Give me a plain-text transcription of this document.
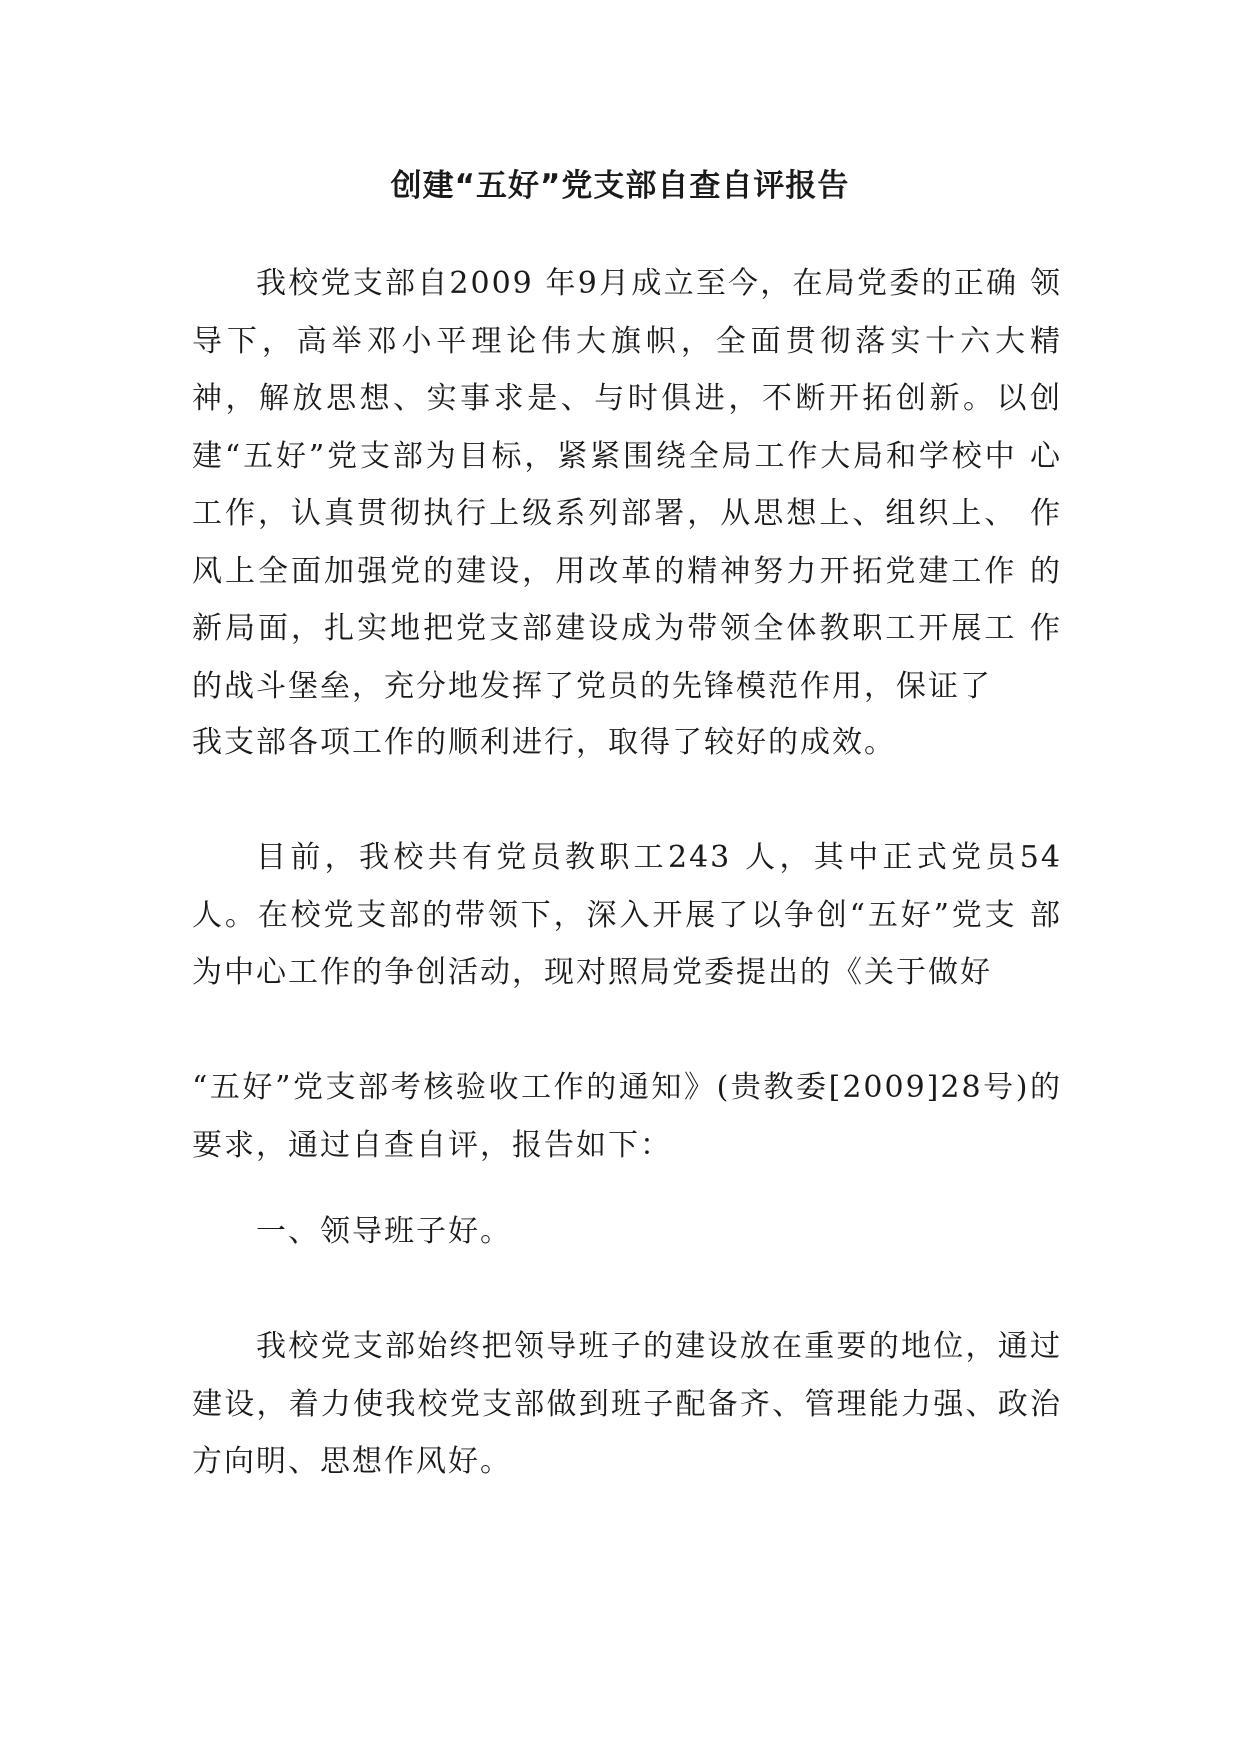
创建“五好”党支部自查自评报告

我校党支部自2009 年9月成立至今，在局党委的正确 领导下，高举邓小平理论伟大旗帜，全面贯彻落实十六大精 神，解放思想、实事求是、与时俱进，不断开拓创新。以创 建“五好”党支部为目标，紧紧围绕全局工作大局和学校中 心工作，认真贯彻执行上级系列部署，从思想上、组织上、 作风上全面加强党的建设，用改革的精神努力开拓党建工作 的新局面，扎实地把党支部建设成为带领全体教职工开展工 作的战斗堡垒，充分地发挥了党员的先锋模范作用，保证了

我支部各项工作的顺利进行，取得了较好的成效。

目前，我校共有党员教职工243 人，其中正式党员54 人。在校党支部的带领下，深入开展了以争创“五好”党支 部为中心工作的争创活动，现对照局党委提出的《关于做好

“五好”党支部考核验收工作的通知》(贵教委[2009]28号)的要求，通过自查自评，报告如下：

一、领导班子好。

我校党支部始终把领导班子的建设放在重要的地位，通过建设，着力使我校党支部做到班子配备齐、管理能力强、政治方向明、思想作风好。
